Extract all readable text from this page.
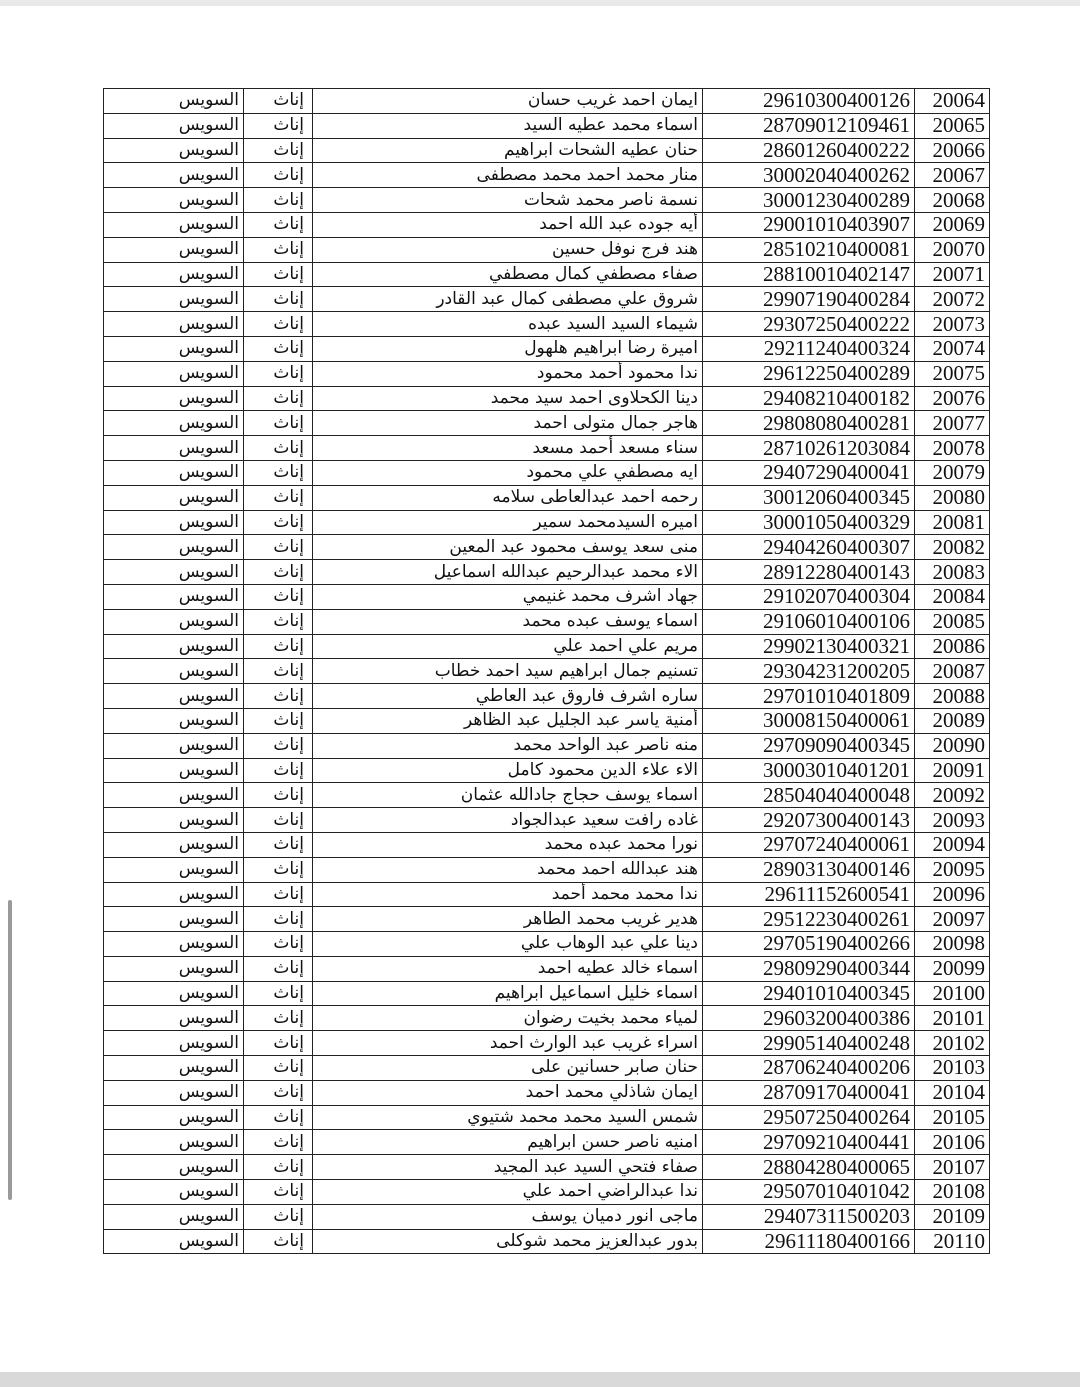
السويس	إناث	ايمان احمد غريب حسان	29610300400126	20064
السويس	إناث	اسماء محمد عطيه السيد	28709012109461	20065
السويس	إناث	حنان عطيه الشحات ابراهيم	28601260400222	20066
السويس	إناث	منار محمد احمد محمد مصطفى	30002040400262	20067
السويس	إناث	نسمة ناصر محمد شحات	30001230400289	20068
السويس	إناث	أيه جوده عبد الله احمد	29001010403907	20069
السويس	إناث	هند فرج نوفل حسين	28510210400081	20070
السويس	إناث	صفاء مصطفي كمال مصطفي	28810010402147	20071
السويس	إناث	شروق علي مصطفى كمال عبد القادر	29907190400284	20072
السويس	إناث	شيماء السيد السيد عبده	29307250400222	20073
السويس	إناث	اميرة رضا ابراهيم هلهول	29211240400324	20074
السويس	إناث	ندا محمود أحمد محمود	29612250400289	20075
السويس	إناث	دينا الكحلاوى احمد سيد محمد	29408210400182	20076
السويس	إناث	هاجر جمال متولى احمد	29808080400281	20077
السويس	إناث	سناء مسعد أحمد مسعد	28710261203084	20078
السويس	إناث	ايه مصطفي علي محمود	29407290400041	20079
السويس	إناث	رحمه احمد عبدالعاطى سلامه	30012060400345	20080
السويس	إناث	اميره السيدمحمد سمير	30001050400329	20081
السويس	إناث	منى سعد يوسف محمود عبد المعين	29404260400307	20082
السويس	إناث	الاء محمد عبدالرحيم عبدالله اسماعيل	28912280400143	20083
السويس	إناث	جهاد اشرف محمد غنيمي	29102070400304	20084
السويس	إناث	اسماء يوسف عبده محمد	29106010400106	20085
السويس	إناث	مريم علي احمد علي	29902130400321	20086
السويس	إناث	تسنيم جمال ابراهيم سيد احمد خطاب	29304231200205	20087
السويس	إناث	ساره اشرف فاروق عبد العاطي	29701010401809	20088
السويس	إناث	أمنية ياسر عبد الجليل عبد الظاهر	30008150400061	20089
السويس	إناث	منه ناصر عبد الواحد محمد	29709090400345	20090
السويس	إناث	الاء علاء الدين محمود كامل	30003010401201	20091
السويس	إناث	اسماء يوسف حجاج جادالله عثمان	28504040400048	20092
السويس	إناث	غاده رافت سعيد عبدالجواد	29207300400143	20093
السويس	إناث	نورا محمد عبده محمد	29707240400061	20094
السويس	إناث	هند عبدالله احمد محمد	28903130400146	20095
السويس	إناث	ندا محمد محمد أحمد	29611152600541	20096
السويس	إناث	هدير غريب محمد الطاهر	29512230400261	20097
السويس	إناث	دينا علي عبد الوهاب علي	29705190400266	20098
السويس	إناث	اسماء خالد عطيه احمد	29809290400344	20099
السويس	إناث	اسماء خليل اسماعيل ابراهيم	29401010400345	20100
السويس	إناث	لمياء محمد بخيت رضوان	29603200400386	20101
السويس	إناث	اسراء غريب عبد الوارث احمد	29905140400248	20102
السويس	إناث	حنان صابر حسانين على	28706240400206	20103
السويس	إناث	ايمان شاذلي محمد احمد	28709170400041	20104
السويس	إناث	شمس السيد محمد محمد شتيوي	29507250400264	20105
السويس	إناث	امنيه ناصر حسن ابراهيم	29709210400441	20106
السويس	إناث	صفاء فتحي السيد عبد المجيد	28804280400065	20107
السويس	إناث	ندا عبدالراضي احمد علي	29507010401042	20108
السويس	إناث	ماجى انور دميان يوسف	29407311500203	20109
السويس	إناث	بدور عبدالعزيز محمد شوكلى	29611180400166	20110
